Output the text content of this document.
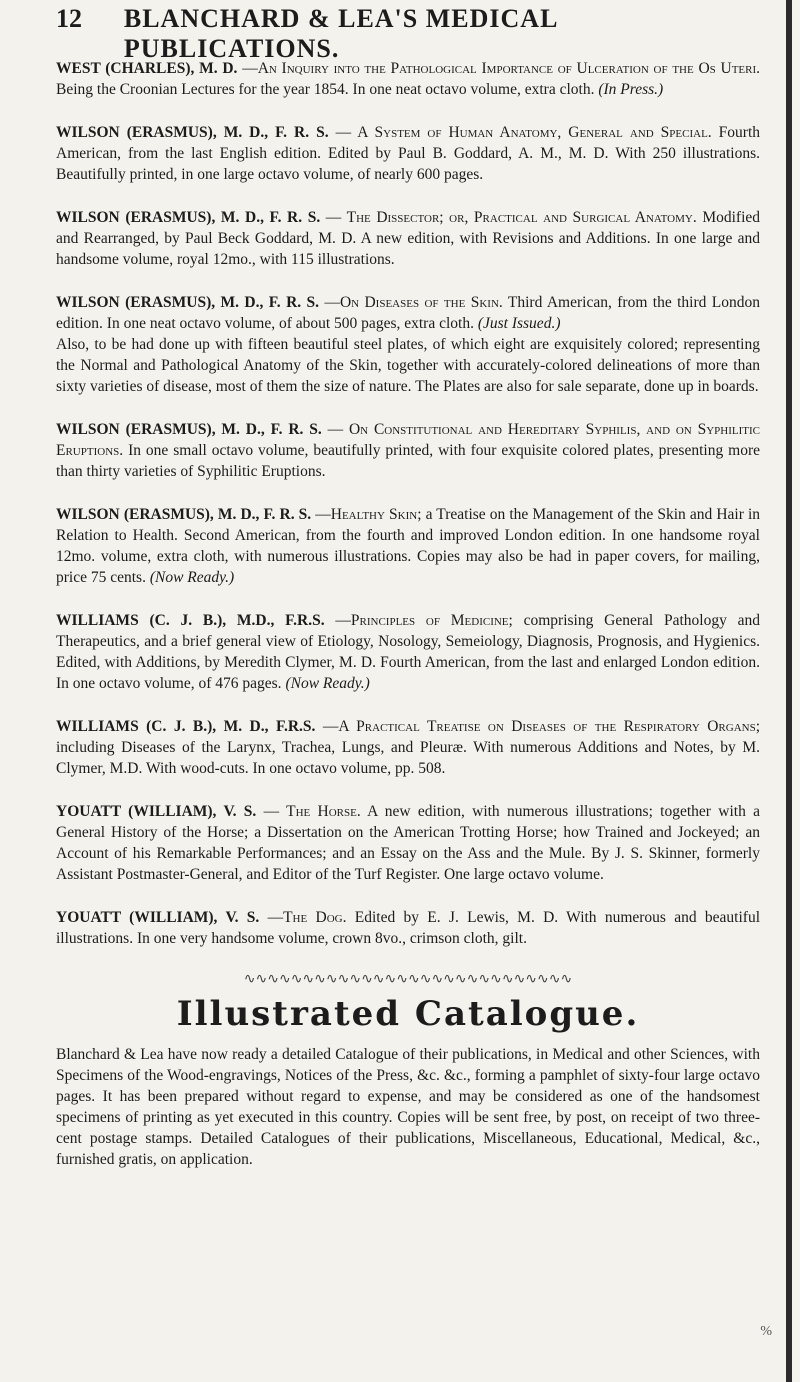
12	BLANCHARD & LEA'S MEDICAL PUBLICATIONS.

WEST (CHARLES), M. D. —An Inquiry into the Pathological Importance of Ulceration of the Os Uteri. Being the Croonian Lectures for the year 1854. In one neat octavo volume, extra cloth. (In Press.)

WILSON (ERASMUS), M. D., F. R. S. — A System of Human Anatomy, General and Special. Fourth American, from the last English edition. Edited by Paul B. Goddard, A. M., M. D. With 250 illustrations. Beautifully printed, in one large octavo volume, of nearly 600 pages.

WILSON (ERASMUS), M. D., F. R. S. — The Dissector; or, Practical and Surgical Anatomy. Modified and Rearranged, by Paul Beck Goddard, M. D. A new edition, with Revisions and Additions. In one large and handsome volume, royal 12mo., with 115 illustrations.

WILSON (ERASMUS), M. D., F. R. S. —On Diseases of the Skin. Third American, from the third London edition. In one neat octavo volume, of about 500 pages, extra cloth. (Just Issued.)

Also, to be had done up with fifteen beautiful steel plates, of which eight are exquisitely colored; representing the Normal and Pathological Anatomy of the Skin, together with accurately-colored delineations of more than sixty varieties of disease, most of them the size of nature. The Plates are also for sale separate, done up in boards.

WILSON (ERASMUS), M. D., F. R. S. — On Constitutional and Hereditary Syphilis, and on Syphilitic Eruptions. In one small octavo volume, beautifully printed, with four exquisite colored plates, presenting more than thirty varieties of Syphilitic Eruptions.

WILSON (ERASMUS), M. D., F. R. S. —Healthy Skin; a Treatise on the Management of the Skin and Hair in Relation to Health. Second American, from the fourth and improved London edition. In one handsome royal 12mo. volume, extra cloth, with numerous illustrations. Copies may also be had in paper covers, for mailing, price 75 cents. (Now Ready.)

WILLIAMS (C. J. B.), M.D., F.R.S. —Principles of Medicine; comprising General Pathology and Therapeutics, and a brief general view of Etiology, Nosology, Semeiology, Diagnosis, Prognosis, and Hygienics. Edited, with Additions, by Meredith Clymer, M. D. Fourth American, from the last and enlarged London edition. In one octavo volume, of 476 pages. (Now Ready.)

WILLIAMS (C. J. B.), M. D., F.R.S. —A Practical Treatise on Diseases of the Respiratory Organs; including Diseases of the Larynx, Trachea, Lungs, and Pleuræ. With numerous Additions and Notes, by M. Clymer, M.D. With wood-cuts. In one octavo volume, pp. 508.

YOUATT (WILLIAM), V. S. — The Horse. A new edition, with numerous illustrations; together with a General History of the Horse; a Dissertation on the American Trotting Horse; how Trained and Jockeyed; an Account of his Remarkable Performances; and an Essay on the Ass and the Mule. By J. S. Skinner, formerly Assistant Postmaster-General, and Editor of the Turf Register. One large octavo volume.

YOUATT (WILLIAM), V. S. —The Dog. Edited by E. J. Lewis, M. D. With numerous and beautiful illustrations. In one very handsome volume, crown 8vo., crimson cloth, gilt.

∿∿∿∿∿∿∿∿∿∿∿∿∿∿∿∿∿∿∿∿∿∿∿∿∿∿∿∿
Illustrated Catalogue.
Blanchard & Lea have now ready a detailed Catalogue of their publications, in Medical and other Sciences, with Specimens of the Wood-engravings, Notices of the Press, &c. &c., forming a pamphlet of sixty-four large octavo pages. It has been prepared without regard to expense, and may be considered as one of the handsomest specimens of printing as yet executed in this country. Copies will be sent free, by post, on receipt of two three-cent postage stamps. Detailed Catalogues of their publications, Miscellaneous, Educational, Medical, &c., furnished gratis, on application.
%
